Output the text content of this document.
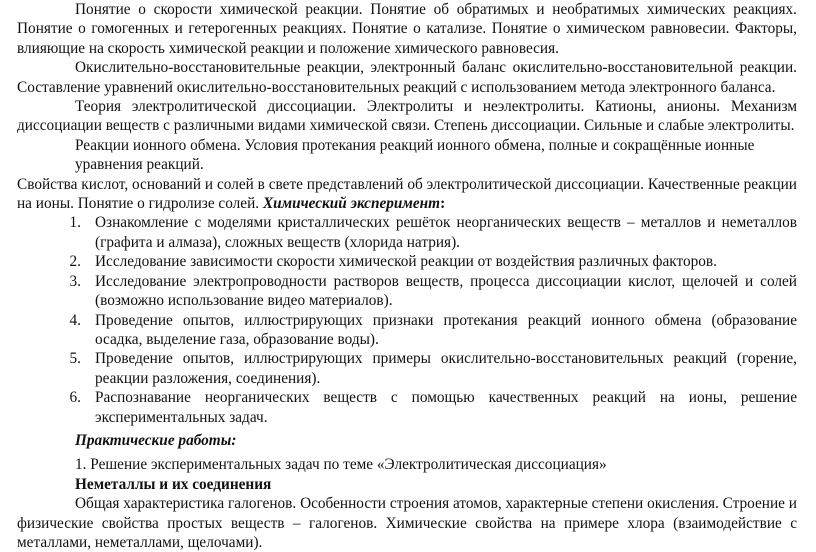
Понятие о скорости химической реакции. Понятие об обратимых и необратимых химических реакциях. Понятие о гомогенных и гетерогенных реакциях. Понятие о катализе. Понятие о химическом равновесии. Факторы, влияющие на скорость химической реакции и положение химического равновесия.

Окислительно-восстановительные реакции, электронный баланс окислительно-восстановительной реакции. Составление уравнений окислительно-восстановительных реакций с использованием метода электронного баланса.

Теория электролитической диссоциации. Электролиты и неэлектролиты. Катионы, анионы. Механизм диссоциации веществ с различными видами химической связи. Степень диссоциации. Сильные и слабые электролиты.

Реакции ионного обмена. Условия протекания реакций ионного обмена, полные и сокращённые ионные уравнения реакций.

Свойства кислот, оснований и солей в свете представлений об электролитической диссоциации. Качественные реакции на ионы. Понятие о гидролизе солей. Химический эксперимент:

1. Ознакомление с моделями кристаллических решёток неорганических веществ – металлов и неметаллов (графита и алмаза), сложных веществ (хлорида натрия).
2. Исследование зависимости скорости химической реакции от воздействия различных факторов.
3. Исследование электропроводности растворов веществ, процесса диссоциации кислот, щелочей и солей (возможно использование видео материалов).
4. Проведение опытов, иллюстрирующих признаки протекания реакций ионного обмена (образование осадка, выделение газа, образование воды).
5. Проведение опытов, иллюстрирующих примеры окислительно-восстановительных реакций (горение, реакции разложения, соединения).
6. Распознавание неорганических веществ с помощью качественных реакций на ионы, решение экспериментальных задач.

Практические работы:

1. Решение экспериментальных задач по теме «Электролитическая диссоциация»

Неметаллы и их соединения

Общая характеристика галогенов. Особенности строения атомов, характерные степени окисления. Строение и физические свойства простых веществ – галогенов. Химические свойства на примере хлора (взаимодействие с металлами, неметаллами, щелочами).
